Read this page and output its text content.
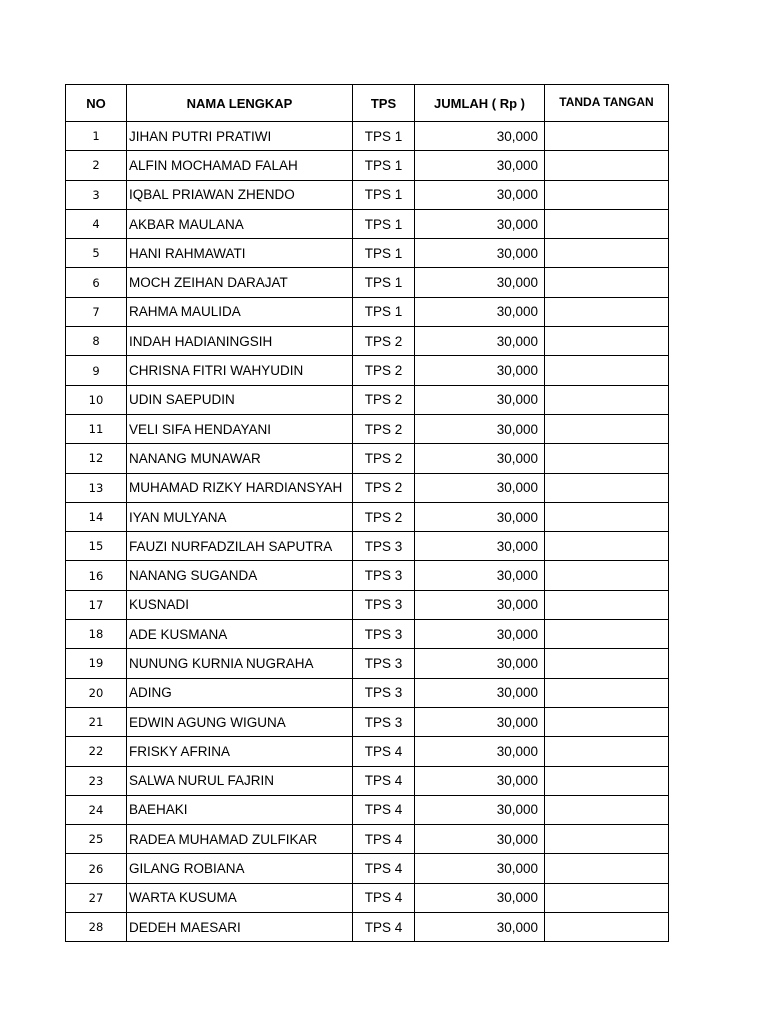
NO	NAMA LENGKAP	TPS	JUMLAH ( Rp )	TANDA TANGAN
1	JIHAN PUTRI PRATIWI	TPS 1	30,000	
2	ALFIN MOCHAMAD FALAH	TPS 1	30,000	
3	IQBAL PRIAWAN ZHENDO	TPS 1	30,000	
4	AKBAR MAULANA	TPS 1	30,000	
5	HANI RAHMAWATI	TPS 1	30,000	
6	MOCH ZEIHAN DARAJAT	TPS 1	30,000	
7	RAHMA MAULIDA	TPS 1	30,000	
8	INDAH HADIANINGSIH	TPS 2	30,000	
9	CHRISNA FITRI WAHYUDIN	TPS 2	30,000	
10	UDIN SAEPUDIN	TPS 2	30,000	
11	VELI SIFA HENDAYANI	TPS 2	30,000	
12	NANANG MUNAWAR	TPS 2	30,000	
13	MUHAMAD RIZKY HARDIANSYAH	TPS 2	30,000	
14	IYAN MULYANA	TPS 2	30,000	
15	FAUZI NURFADZILAH SAPUTRA	TPS 3	30,000	
16	NANANG SUGANDA	TPS 3	30,000	
17	KUSNADI	TPS 3	30,000	
18	ADE KUSMANA	TPS 3	30,000	
19	NUNUNG KURNIA NUGRAHA	TPS 3	30,000	
20	ADING	TPS 3	30,000	
21	EDWIN AGUNG WIGUNA	TPS 3	30,000	
22	FRISKY AFRINA	TPS 4	30,000	
23	SALWA NURUL FAJRIN	TPS 4	30,000	
24	BAEHAKI	TPS 4	30,000	
25	RADEA MUHAMAD ZULFIKAR	TPS 4	30,000	
26	GILANG ROBIANA	TPS 4	30,000	
27	WARTA KUSUMA	TPS 4	30,000	
28	DEDEH MAESARI	TPS 4	30,000	
